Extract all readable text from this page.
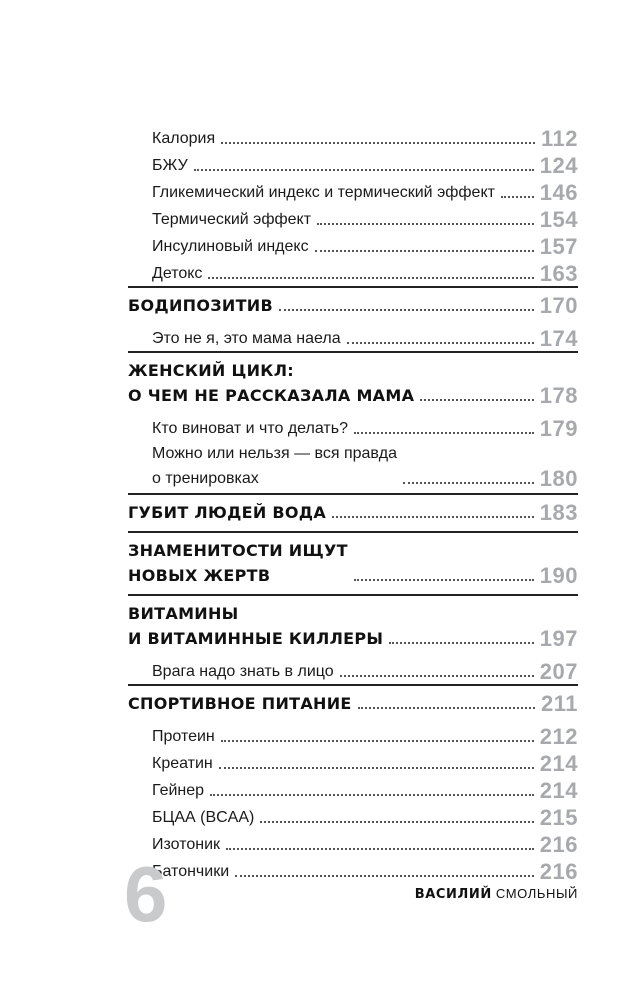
Калория	112
БЖУ	124
Гликемический индекс и термический эффект 146
Термический эффект	154
Инсулиновый индекс	157
Детокс	163
БОДИПОЗИТИВ	170
Это не я, это мама наела	174
ЖЕНСКИЙ ЦИКЛ:
О ЧЕМ НЕ РАССКАЗАЛА МАМА	178
Кто виноват и что делать?	179
Можно или нельзя — вся правда
о тренировках	180
ГУБИТ ЛЮДЕЙ ВОДА	183
ЗНАМЕНИТОСТИ ИЩУТ
НОВЫХ ЖЕРТВ	190
ВИТАМИНЫ
И ВИТАМИННЫЕ КИЛЛЕРЫ	197
Врага надо знать в лицо	207
СПОРТИВНОЕ ПИТАНИЕ	211
Протеин	212
Креатин	214
Гейнер	214
БЦАА (BCAA)	215
Изотоник	216
Батончики	216
6	ВАСИЛИЙ СМОЛЬНЫЙ
